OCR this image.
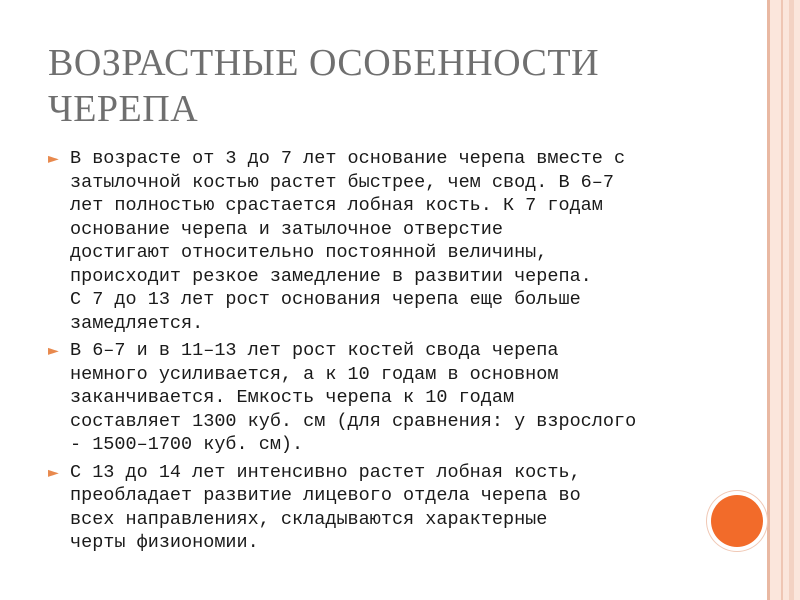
ВОЗРАСТНЫЕ ОСОБЕННОСТИ
ЧЕРЕПА
► В возрасте от 3 до 7 лет основание черепа вместе с
затылочной костью растет быстрее, чем свод. В 6–7
лет полностью срастается лобная кость. К 7 годам
основание черепа и затылочное отверстие
достигают относительно постоянной величины,
происходит резкое замедление в развитии черепа.
С 7 до 13 лет рост основания черепа еще больше
замедляется.
► В 6–7 и в 11–13 лет рост костей свода черепа
немного усиливается, а к 10 годам в основном
заканчивается. Емкость черепа к 10 годам
составляет 1300 куб. см (для сравнения: у взрослого
- 1500–1700 куб. см).
► С 13 до 14 лет интенсивно растет лобная кость,
преобладает развитие лицевого отдела черепа во
всех направлениях, складываются характерные
черты физиономии.
